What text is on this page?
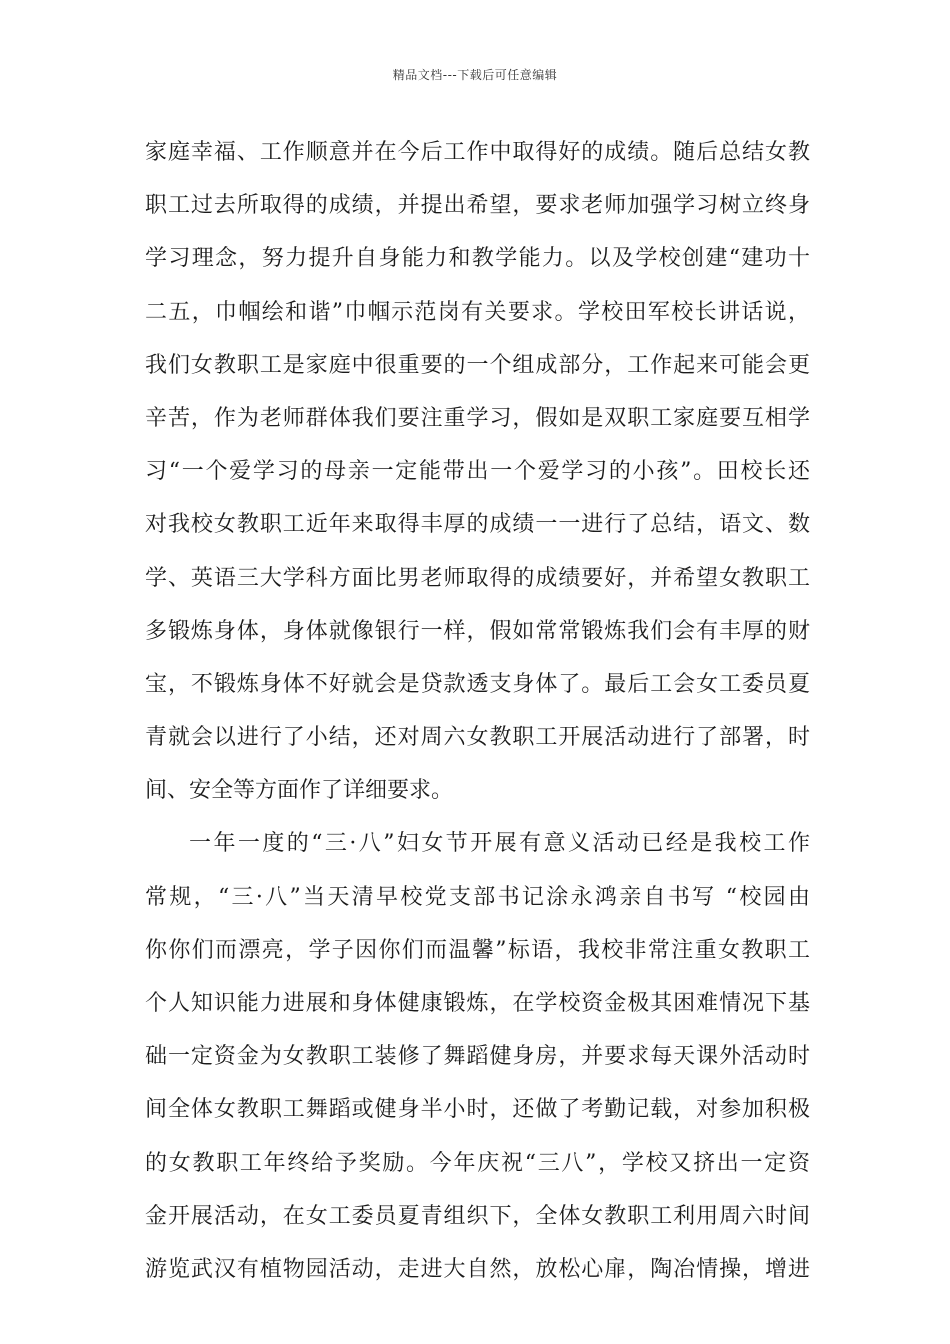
精品文档---下载后可任意编辑
家庭幸福、工作顺意并在今后工作中取得好的成绩。随后总结女教
职工过去所取得的成绩，并提出希望，要求老师加强学习树立终身
学习理念，努力提升自身能力和教学能力。以及学校创建“建功十
二五，巾帼绘和谐”巾帼示范岗有关要求。学校田军校长讲话说，
我们女教职工是家庭中很重要的一个组成部分，工作起来可能会更
辛苦，作为老师群体我们要注重学习，假如是双职工家庭要互相学
习“一个爱学习的母亲一定能带出一个爱学习的小孩”。田校长还
对我校女教职工近年来取得丰厚的成绩一一进行了总结，语文、数
学、英语三大学科方面比男老师取得的成绩要好，并希望女教职工
多锻炼身体，身体就像银行一样，假如常常锻炼我们会有丰厚的财
宝，不锻炼身体不好就会是贷款透支身体了。最后工会女工委员夏
青就会以进行了小结，还对周六女教职工开展活动进行了部署，时
间、安全等方面作了详细要求。
一年一度的“三·八”妇女节开展有意义活动已经是我校工作
常规，“三·八”当天清早校党支部书记涂永鸿亲自书写 “校园由
你你们而漂亮，学子因你们而温馨”标语，我校非常注重女教职工
个人知识能力进展和身体健康锻炼，在学校资金极其困难情况下基
础一定资金为女教职工装修了舞蹈健身房，并要求每天课外活动时
间全体女教职工舞蹈或健身半小时，还做了考勤记载，对参加积极
的女教职工年终给予奖励。今年庆祝“三八”，学校又挤出一定资
金开展活动，在女工委员夏青组织下，全体女教职工利用周六时间
游览武汉有植物园活动，走进大自然，放松心扉，陶冶情操，增进
